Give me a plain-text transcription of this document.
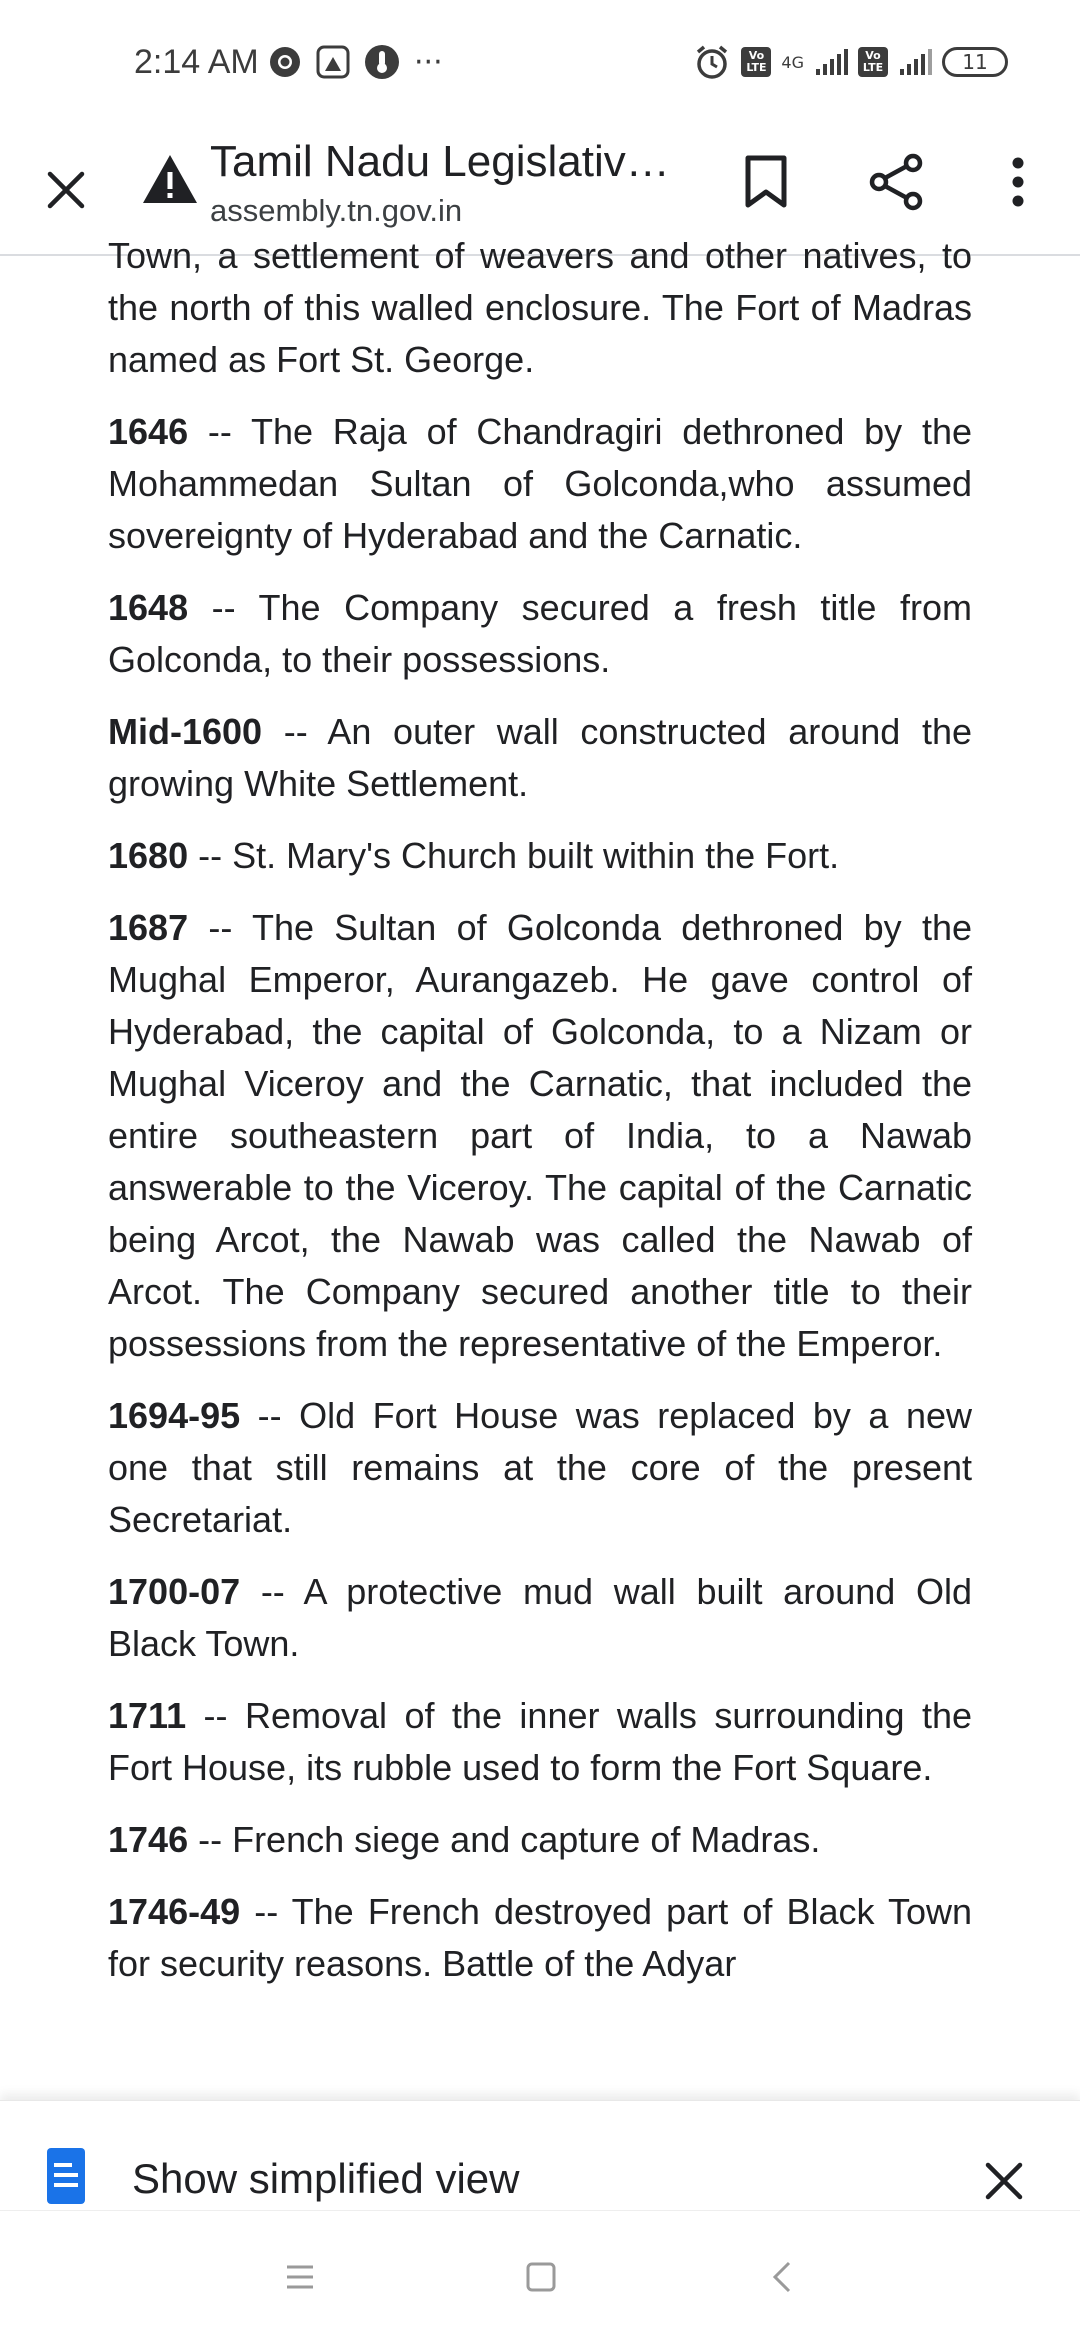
2:14 AM	···	Vo
LTE 4G	Vo
LTE	11
Tamil Nadu Legislativ…
assembly.tn.gov.in

Town, a settlement of weavers and other natives, to the north of this walled enclosure. The Fort of Madras named as Fort St. George.

1646 -- The Raja of Chandragiri dethroned by the Mohammedan Sultan of Golconda,who assumed sovereignty of Hyderabad and the Carnatic.

1648 -- The Company secured a fresh title from Golconda, to their possessions.

Mid-1600 -- An outer wall constructed around the growing White Settlement.

1680 -- St. Mary's Church built within the Fort.

1687 -- The Sultan of Golconda dethroned by the Mughal Emperor, Aurangazeb. He gave control of Hyderabad, the capital of Golconda, to a Nizam or Mughal Viceroy and the Carnatic, that included the entire southeastern part of India, to a Nawab answerable to the Viceroy. The capital of the Carnatic being Arcot, the Nawab was called the Nawab of Arcot. The Company secured another title to their possessions from the representative of the Emperor.

1694-95 -- Old Fort House was replaced by a new one that still remains at the core of the present Secretariat.

1700-07 -- A protective mud wall built around Old Black Town.

1711 -- Removal of the inner walls surrounding the Fort House, its rubble used to form the Fort Square.

1746 -- French siege and capture of Madras.

1746-49 -- The French destroyed part of Black Town for security reasons. Battle of the Adyar

Show simplified view
